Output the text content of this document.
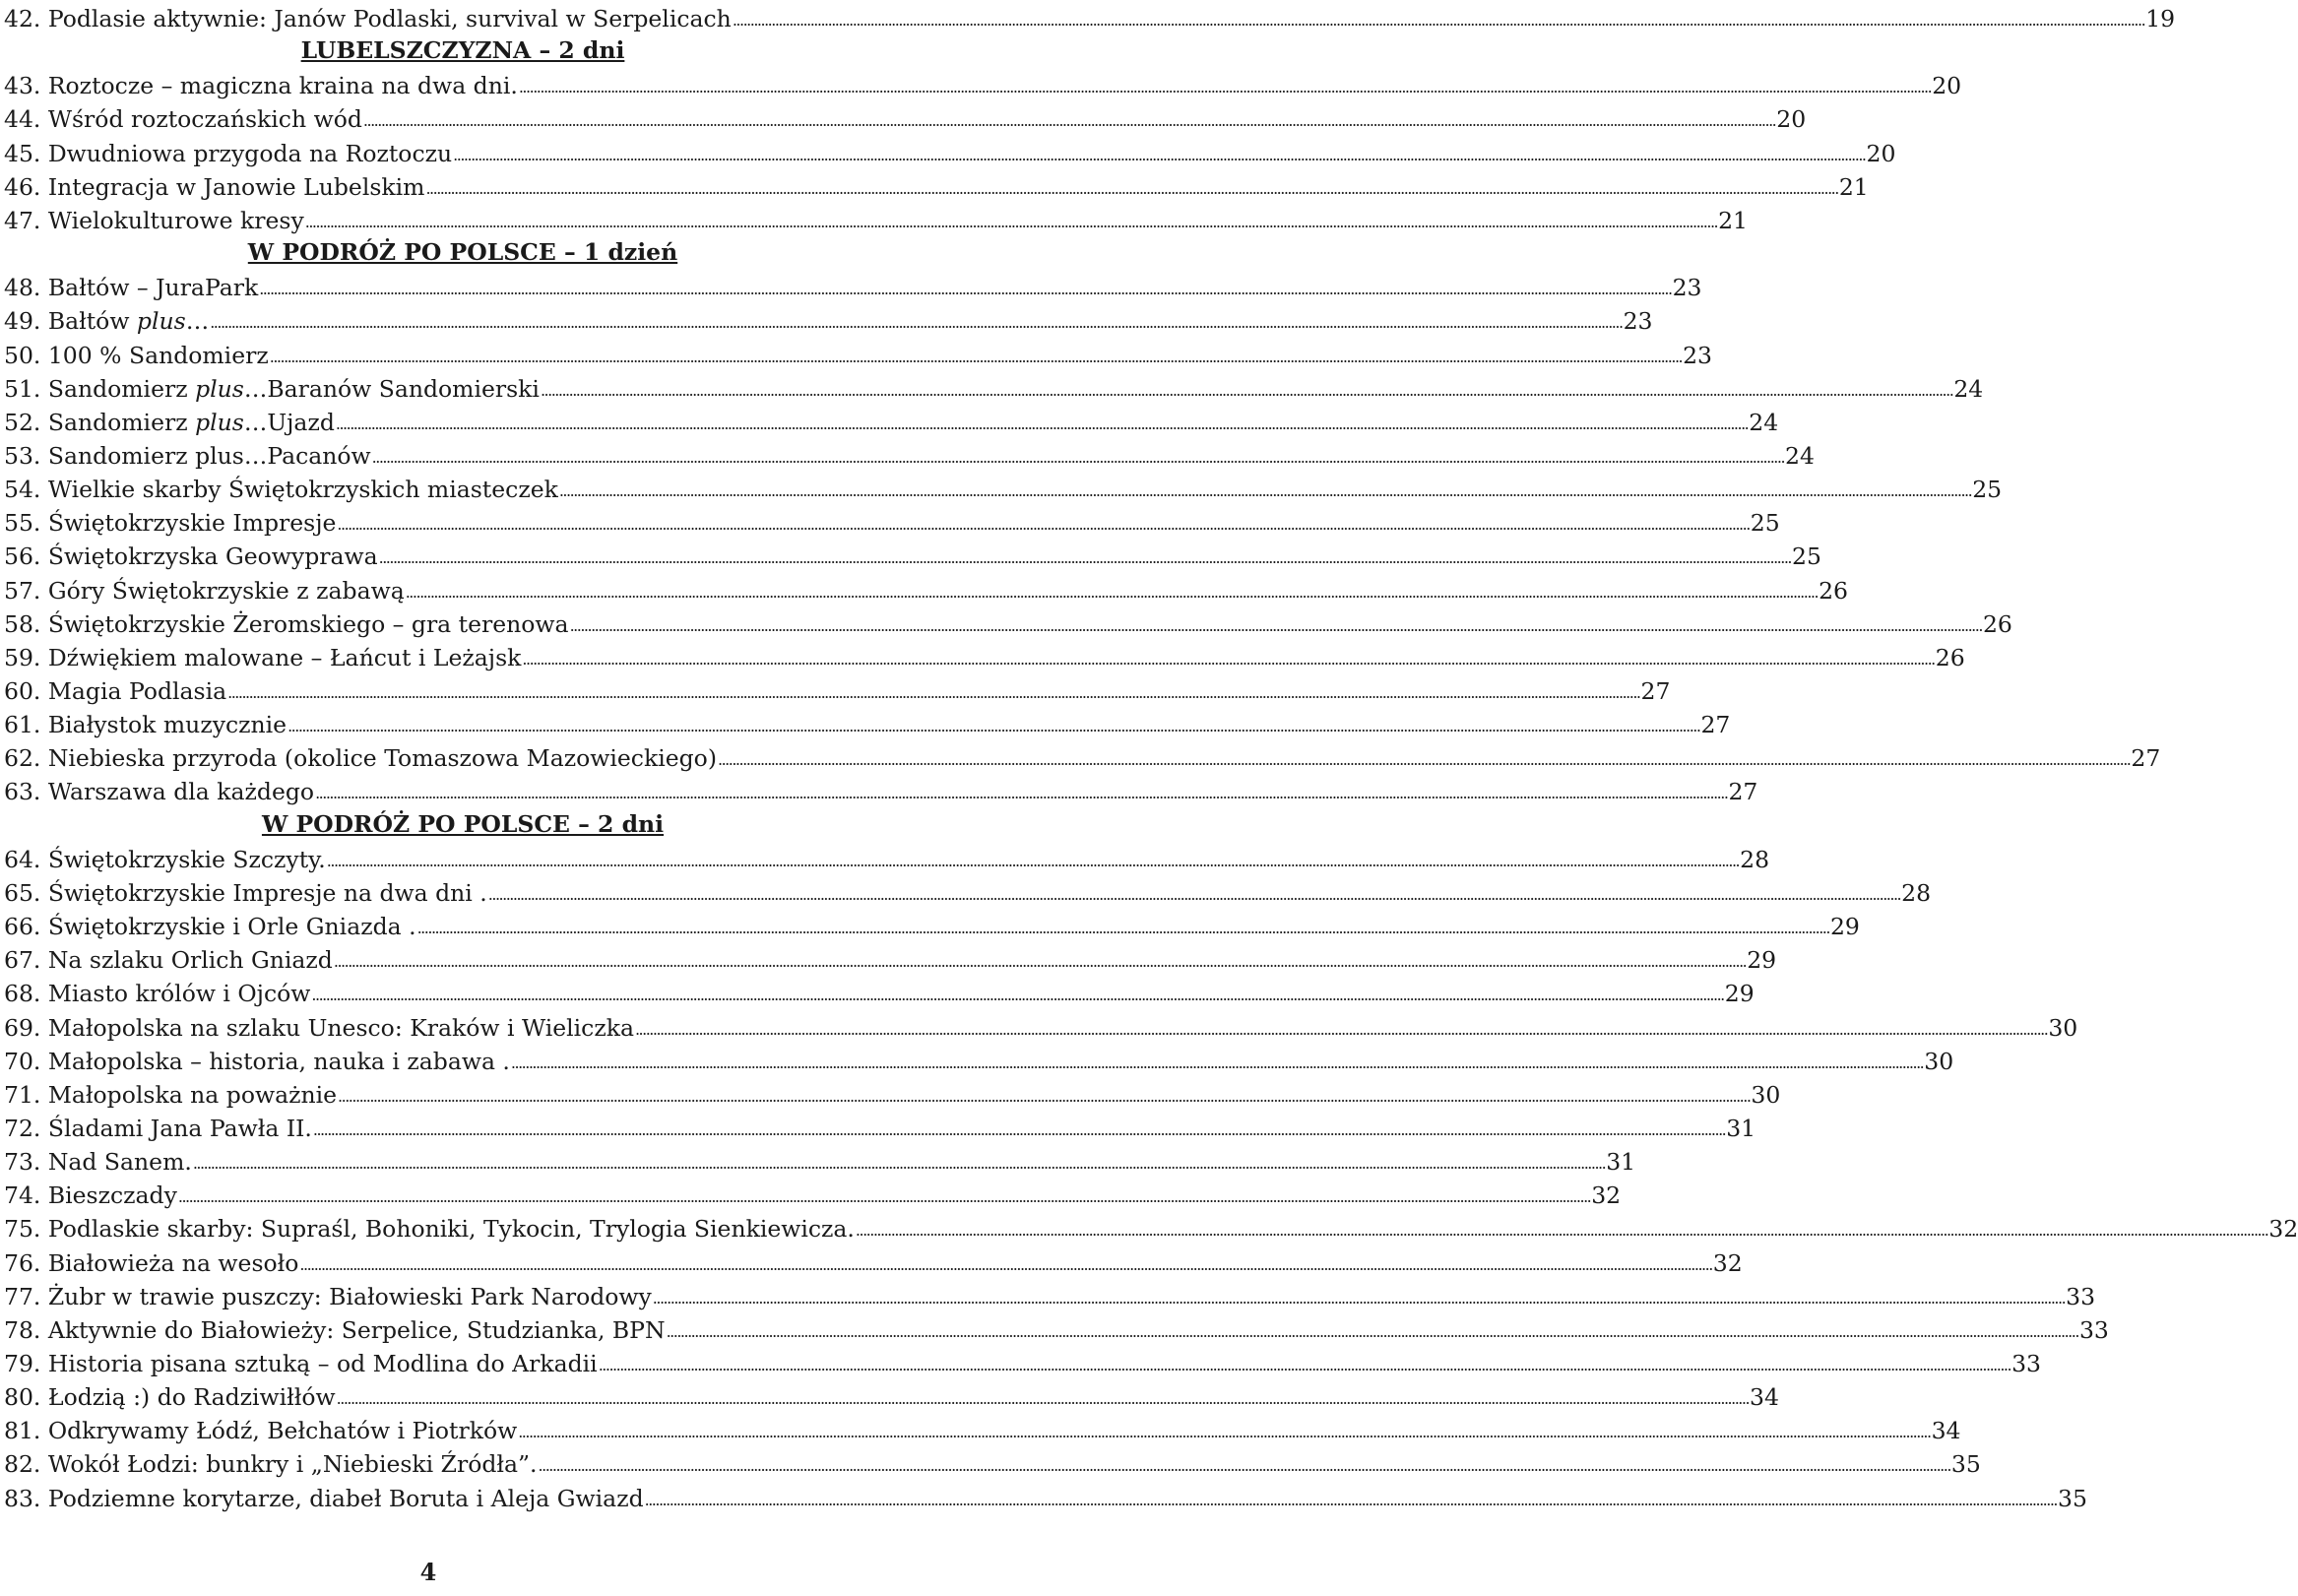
42. Podlasie aktywnie: Janów Podlaski, survival w Serpelicach ................................................................................................................................................................................................................................................................................................................................................................................................................ 19
LUBELSZCZYZNA – 2 dni
43. Roztocze – magiczna kraina na dwa dni. ................................................................................................................................................................................................................................................................................................................................................................................................................ 20
44. Wśród roztoczańskich wód ................................................................................................................................................................................................................................................................................................................................................................................................................ 20
45. Dwudniowa przygoda na Roztoczu ................................................................................................................................................................................................................................................................................................................................................................................................................ 20
46. Integracja w Janowie Lubelskim ................................................................................................................................................................................................................................................................................................................................................................................................................ 21
47. Wielokulturowe kresy ................................................................................................................................................................................................................................................................................................................................................................................................................ 21
W PODRÓŻ PO POLSCE – 1 dzień
48. Bałtów – JuraPark ................................................................................................................................................................................................................................................................................................................................................................................................................ 23
49. Bałtów plus… ................................................................................................................................................................................................................................................................................................................................................................................................................ 23
50. 100 % Sandomierz ................................................................................................................................................................................................................................................................................................................................................................................................................ 23
51. Sandomierz plus…Baranów Sandomierski ................................................................................................................................................................................................................................................................................................................................................................................................................ 24
52. Sandomierz plus…Ujazd ................................................................................................................................................................................................................................................................................................................................................................................................................ 24
53. Sandomierz plus…Pacanów ................................................................................................................................................................................................................................................................................................................................................................................................................ 24
54. Wielkie skarby Świętokrzyskich miasteczek ................................................................................................................................................................................................................................................................................................................................................................................................................ 25
55. Świętokrzyskie Impresje ................................................................................................................................................................................................................................................................................................................................................................................................................ 25
56. Świętokrzyska Geowyprawa ................................................................................................................................................................................................................................................................................................................................................................................................................ 25
57. Góry Świętokrzyskie z zabawą ................................................................................................................................................................................................................................................................................................................................................................................................................ 26
58. Świętokrzyskie Żeromskiego – gra terenowa ................................................................................................................................................................................................................................................................................................................................................................................................................ 26
59. Dźwiękiem malowane – Łańcut i Leżajsk ................................................................................................................................................................................................................................................................................................................................................................................................................ 26
60. Magia Podlasia ................................................................................................................................................................................................................................................................................................................................................................................................................ 27
61. Białystok muzycznie ................................................................................................................................................................................................................................................................................................................................................................................................................ 27
62. Niebieska przyroda (okolice Tomaszowa Mazowieckiego) ................................................................................................................................................................................................................................................................................................................................................................................................................ 27
63. Warszawa dla każdego ................................................................................................................................................................................................................................................................................................................................................................................................................ 27
W PODRÓŻ PO POLSCE – 2 dni
64. Świętokrzyskie Szczyty. ................................................................................................................................................................................................................................................................................................................................................................................................................ 28
65. Świętokrzyskie Impresje na dwa dni . ................................................................................................................................................................................................................................................................................................................................................................................................................ 28
66. Świętokrzyskie i Orle Gniazda . ................................................................................................................................................................................................................................................................................................................................................................................................................ 29
67. Na szlaku Orlich Gniazd ................................................................................................................................................................................................................................................................................................................................................................................................................ 29
68. Miasto królów i Ojców ................................................................................................................................................................................................................................................................................................................................................................................................................ 29
69. Małopolska na szlaku Unesco: Kraków i Wieliczka ................................................................................................................................................................................................................................................................................................................................................................................................................ 30
70. Małopolska – historia, nauka i zabawa . ................................................................................................................................................................................................................................................................................................................................................................................................................ 30
71. Małopolska na poważnie ................................................................................................................................................................................................................................................................................................................................................................................................................ 30
72. Śladami Jana Pawła II. ................................................................................................................................................................................................................................................................................................................................................................................................................ 31
73. Nad Sanem. ................................................................................................................................................................................................................................................................................................................................................................................................................ 31
74. Bieszczady ................................................................................................................................................................................................................................................................................................................................................................................................................ 32
75. Podlaskie skarby: Supraśl, Bohoniki, Tykocin, Trylogia Sienkiewicza. ................................................................................................................................................................................................................................................................................................................................................................................................................ 32
76. Białowieża na wesoło ................................................................................................................................................................................................................................................................................................................................................................................................................ 32
77. Żubr w trawie puszczy: Białowieski Park Narodowy ................................................................................................................................................................................................................................................................................................................................................................................................................ 33
78. Aktywnie do Białowieży: Serpelice, Studzianka, BPN ................................................................................................................................................................................................................................................................................................................................................................................................................ 33
79. Historia pisana sztuką – od Modlina do Arkadii ................................................................................................................................................................................................................................................................................................................................................................................................................ 33
80. Łodzią :) do Radziwiłłów ................................................................................................................................................................................................................................................................................................................................................................................................................ 34
81. Odkrywamy Łódź, Bełchatów i Piotrków ................................................................................................................................................................................................................................................................................................................................................................................................................ 34
82. Wokół Łodzi: bunkry i „Niebieski Źródła”. ................................................................................................................................................................................................................................................................................................................................................................................................................ 35
83. Podziemne korytarze, diabeł Boruta i Aleja Gwiazd ................................................................................................................................................................................................................................................................................................................................................................................................................ 35
4
